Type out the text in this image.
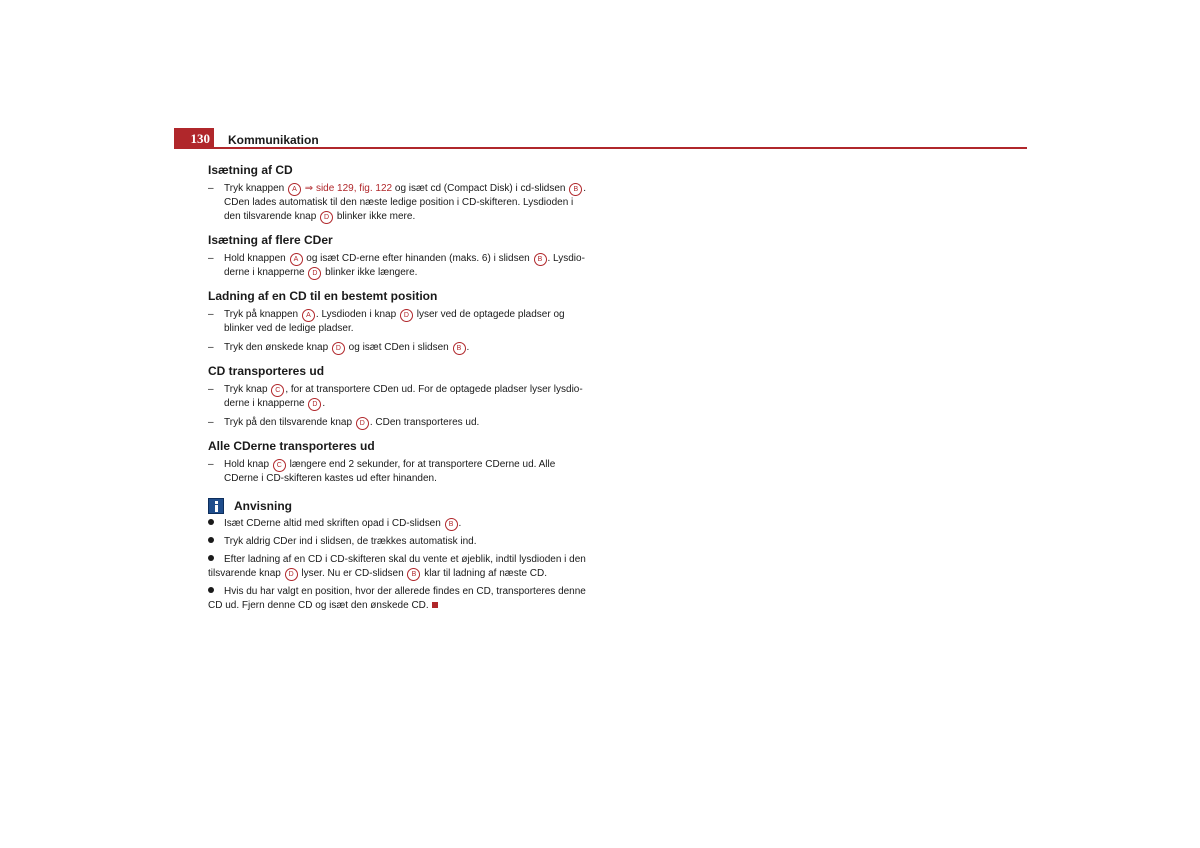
130	Kommunikation
Isætning af CD
– Tryk knappen A ⇒ side 129, fig. 122 og isæt cd (Compact Disk) i cd-slidsen B . CDen lades automatisk til den næste ledige position i CD-skifteren. Lysdioden i den tilsvarende knap D blinker ikke mere.
Isætning af flere CDer
– Hold knappen A og isæt CD-erne efter hinanden (maks. 6) i slidsen B . Lysdio-derne i knapperne D blinker ikke længere.
Ladning af en CD til en bestemt position
– Tryk på knappen A . Lysdioden i knap D lyser ved de optagede pladser og blinker ved de ledige pladser.
– Tryk den ønskede knap D og isæt CDen i slidsen B .
CD transporteres ud
– Tryk knap C , for at transportere CDen ud. For de optagede pladser lyser lysdio-derne i knapperne D .
– Tryk på den tilsvarende knap D . CDen transporteres ud.
Alle CDerne transporteres ud
– Hold knap C længere end 2 sekunder, for at transportere CDerne ud. Alle CDerne i CD-skifteren kastes ud efter hinanden.
Anvisning
Isæt CDerne altid med skriften opad i CD-slidsen B .
Tryk aldrig CDer ind i slidsen, de trækkes automatisk ind.
Efter ladning af en CD i CD-skifteren skal du vente et øjeblik, indtil lysdioden i den tilsvarende knap D lyser. Nu er CD-slidsen B klar til ladning af næste CD.
Hvis du har valgt en position, hvor der allerede findes en CD, transporteres denne CD ud. Fjern denne CD og isæt den ønskede CD.
